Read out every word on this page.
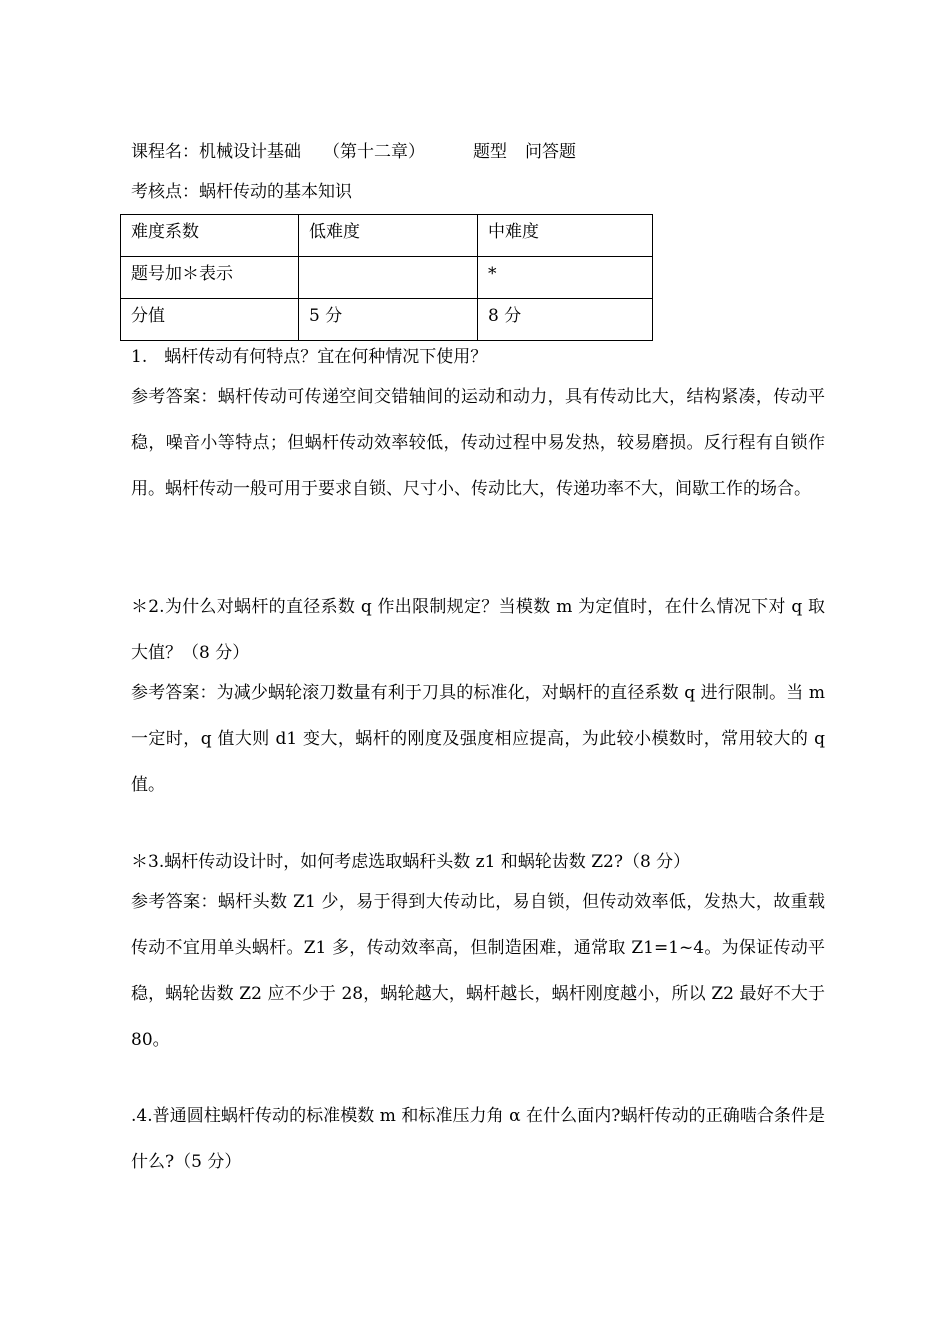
课程名：机械设计基础 （第十二章）	题型 问答题
考核点：蜗杆传动的基本知识
难度系数	低难度	中难度
题号加＊表示		*
分值	5 分	8 分
1.　蜗杆传动有何特点？宜在何种情况下使用？
参考答案：蜗杆传动可传递空间交错轴间的运动和动力，具有传动比大，结构紧凑，传动平稳，噪音小等特点；但蜗杆传动效率较低，传动过程中易发热，较易磨损。反行程有自锁作用。蜗杆传动一般可用于要求自锁、尺寸小、传动比大，传递功率不大，间歇工作的场合。
＊2.为什么对蜗杆的直径系数 q 作出限制规定？当模数 m 为定值时，在什么情况下对 q 取大值？（8 分）
参考答案：为减少蜗轮滚刀数量有利于刀具的标准化，对蜗杆的直径系数 q 进行限制。当 m 一定时，q 值大则 d1 变大，蜗杆的刚度及强度相应提高，为此较小模数时，常用较大的 q 值。
＊3.蜗杆传动设计时，如何考虑选取蜗秆头数 z1 和蜗轮齿数 Z2?（8 分）
参考答案：蜗杆头数 Z1 少，易于得到大传动比，易自锁，但传动效率低，发热大，故重载传动不宜用单头蜗杆。Z1 多，传动效率高，但制造困难，通常取 Z1=1~4。为保证传动平稳，蜗轮齿数 Z2 应不少于 28，蜗轮越大，蜗杆越长，蜗杆刚度越小，所以 Z2 最好不大于 80。
.4.普通圆柱蜗杆传动的标准模数 m 和标准压力角 α 在什么面内?蜗杆传动的正确啮合条件是什么?（5 分）
